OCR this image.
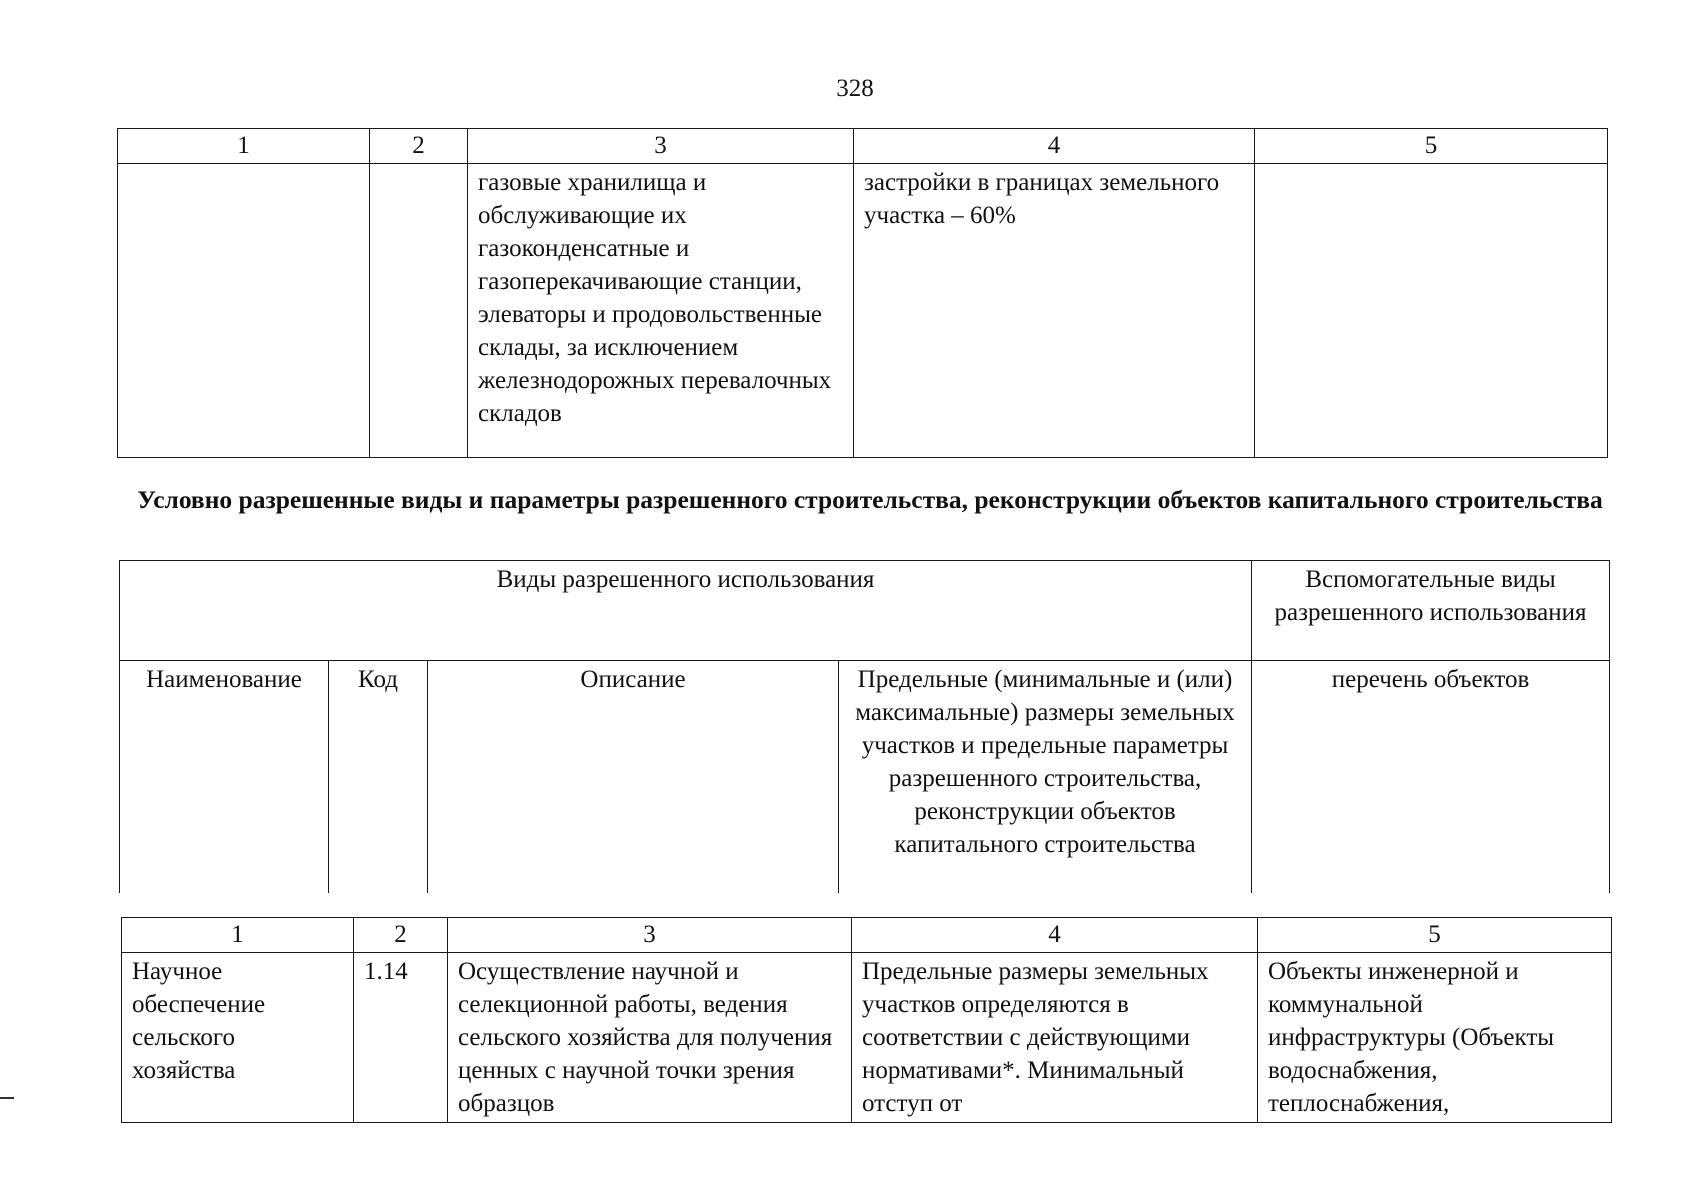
328
1	2	3	4	5
		газовые хранилища и обслуживающие их газоконденсатные и газоперекачивающие станции, элеваторы и продовольственные склады, за исключением железнодорожных перевалочных складов	застройки в границах земельного участка – 60%	
Условно разрешенные виды и параметры разрешенного строительства, реконструкции объектов капитального строительства
Виды разрешенного использования				Вспомогательные виды разрешенного использования
Наименование	Код	Описание	Предельные (минимальные и (или) максимальные) размеры земельных участков и предельные параметры разрешенного строительства, реконструкции объектов капитального строительства	перечень объектов
1	2	3	4	5
Научное обеспечение сельского хозяйства	1.14	Осуществление научной и селекционной работы, ведения сельского хозяйства для получения ценных с научной точки зрения образцов	Предельные размеры земельных участков определяются в соответствии с действующими нормативами*. Минимальный отступ от	Объекты инженерной и коммунальной инфраструктуры (Объекты водоснабжения, теплоснабжения,
